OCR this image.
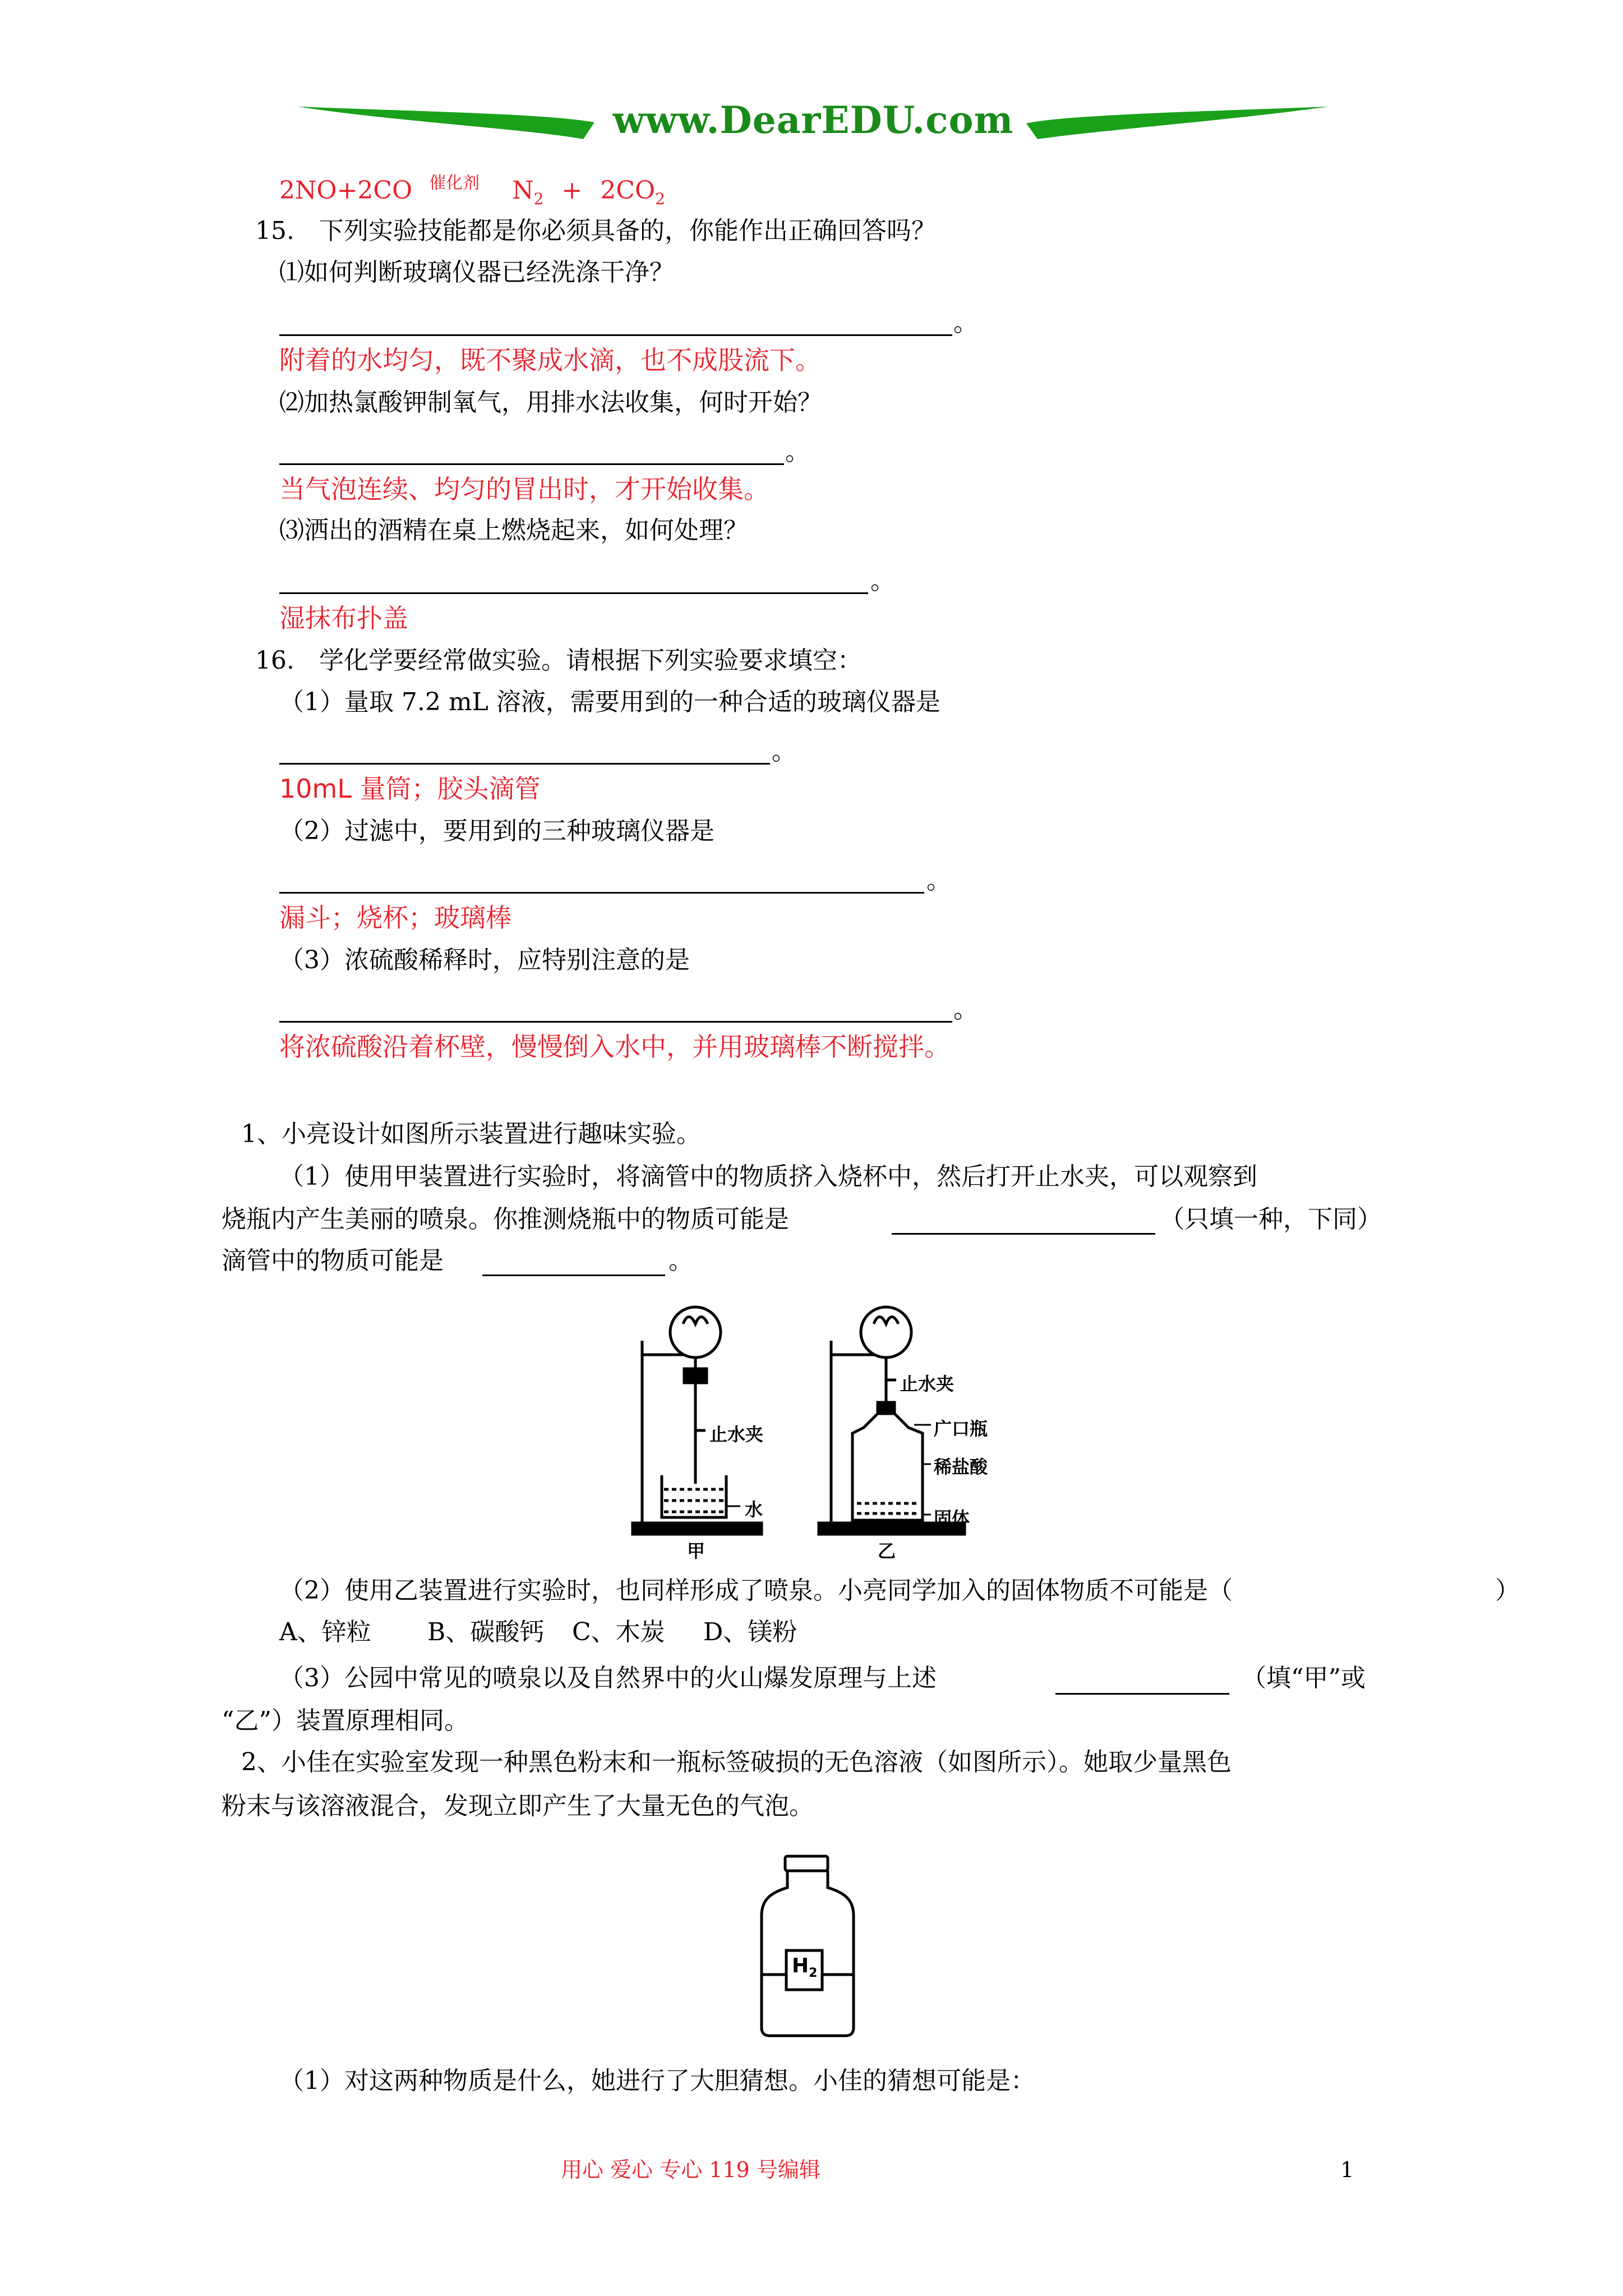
www.DearEDU.com
2NO+2CO $^{催化剂}$ $N_2 + 2CO_2$
15.　下列实验技能都是你必须具备的，你能作出正确回答吗？
⑴如何判断玻璃仪器已经洗涤干净？
。
附着的水均匀，既不聚成水滴，也不成股流下。
⑵加热氯酸钾制氧气，用排水法收集，何时开始？
。
当气泡连续、均匀的冒出时，才开始收集。
⑶洒出的酒精在桌上燃烧起来，如何处理？
。
湿抹布扑盖
16.　学化学要经常做实验。请根据下列实验要求填空：
（1）量取 7.2 mL 溶液，需要用到的一种合适的玻璃仪器是
。
10mL 量筒；胶头滴管
（2）过滤中，要用到的三种玻璃仪器是
。
漏斗；烧杯；玻璃棒
（3）浓硫酸稀释时，应特别注意的是
。
将浓硫酸沿着杯壁，慢慢倒入水中，并用玻璃棒不断搅拌。
1、小亮设计如图所示装置进行趣味实验。
（1）使用甲装置进行实验时，将滴管中的物质挤入烧杯中，然后打开止水夹，可以观察到
烧瓶内产生美丽的喷泉。你推测烧瓶中的物质可能是	（只填一种，下同）
滴管中的物质可能是	。
止水夹
水
甲
止水夹
广口瓶
稀盐酸
固体
乙
（2）使用乙装置进行实验时，也同样形成了喷泉。小亮同学加入的固体物质不可能是（	）
A、锌粒 B、碳酸钙 C、木炭 D、镁粉
（3）公园中常见的喷泉以及自然界中的火山爆发原理与上述	（填“甲”或
“乙”）装置原理相同。
2、小佳在实验室发现一种黑色粉末和一瓶标签破损的无色溶液（如图所示）。她取少量黑色
粉末与该溶液混合，发现立即产生了大量无色的气泡。
$H_2$
（1）对这两种物质是什么，她进行了大胆猜想。小佳的猜想可能是：
用心 爱心 专心 119 号编辑	1
